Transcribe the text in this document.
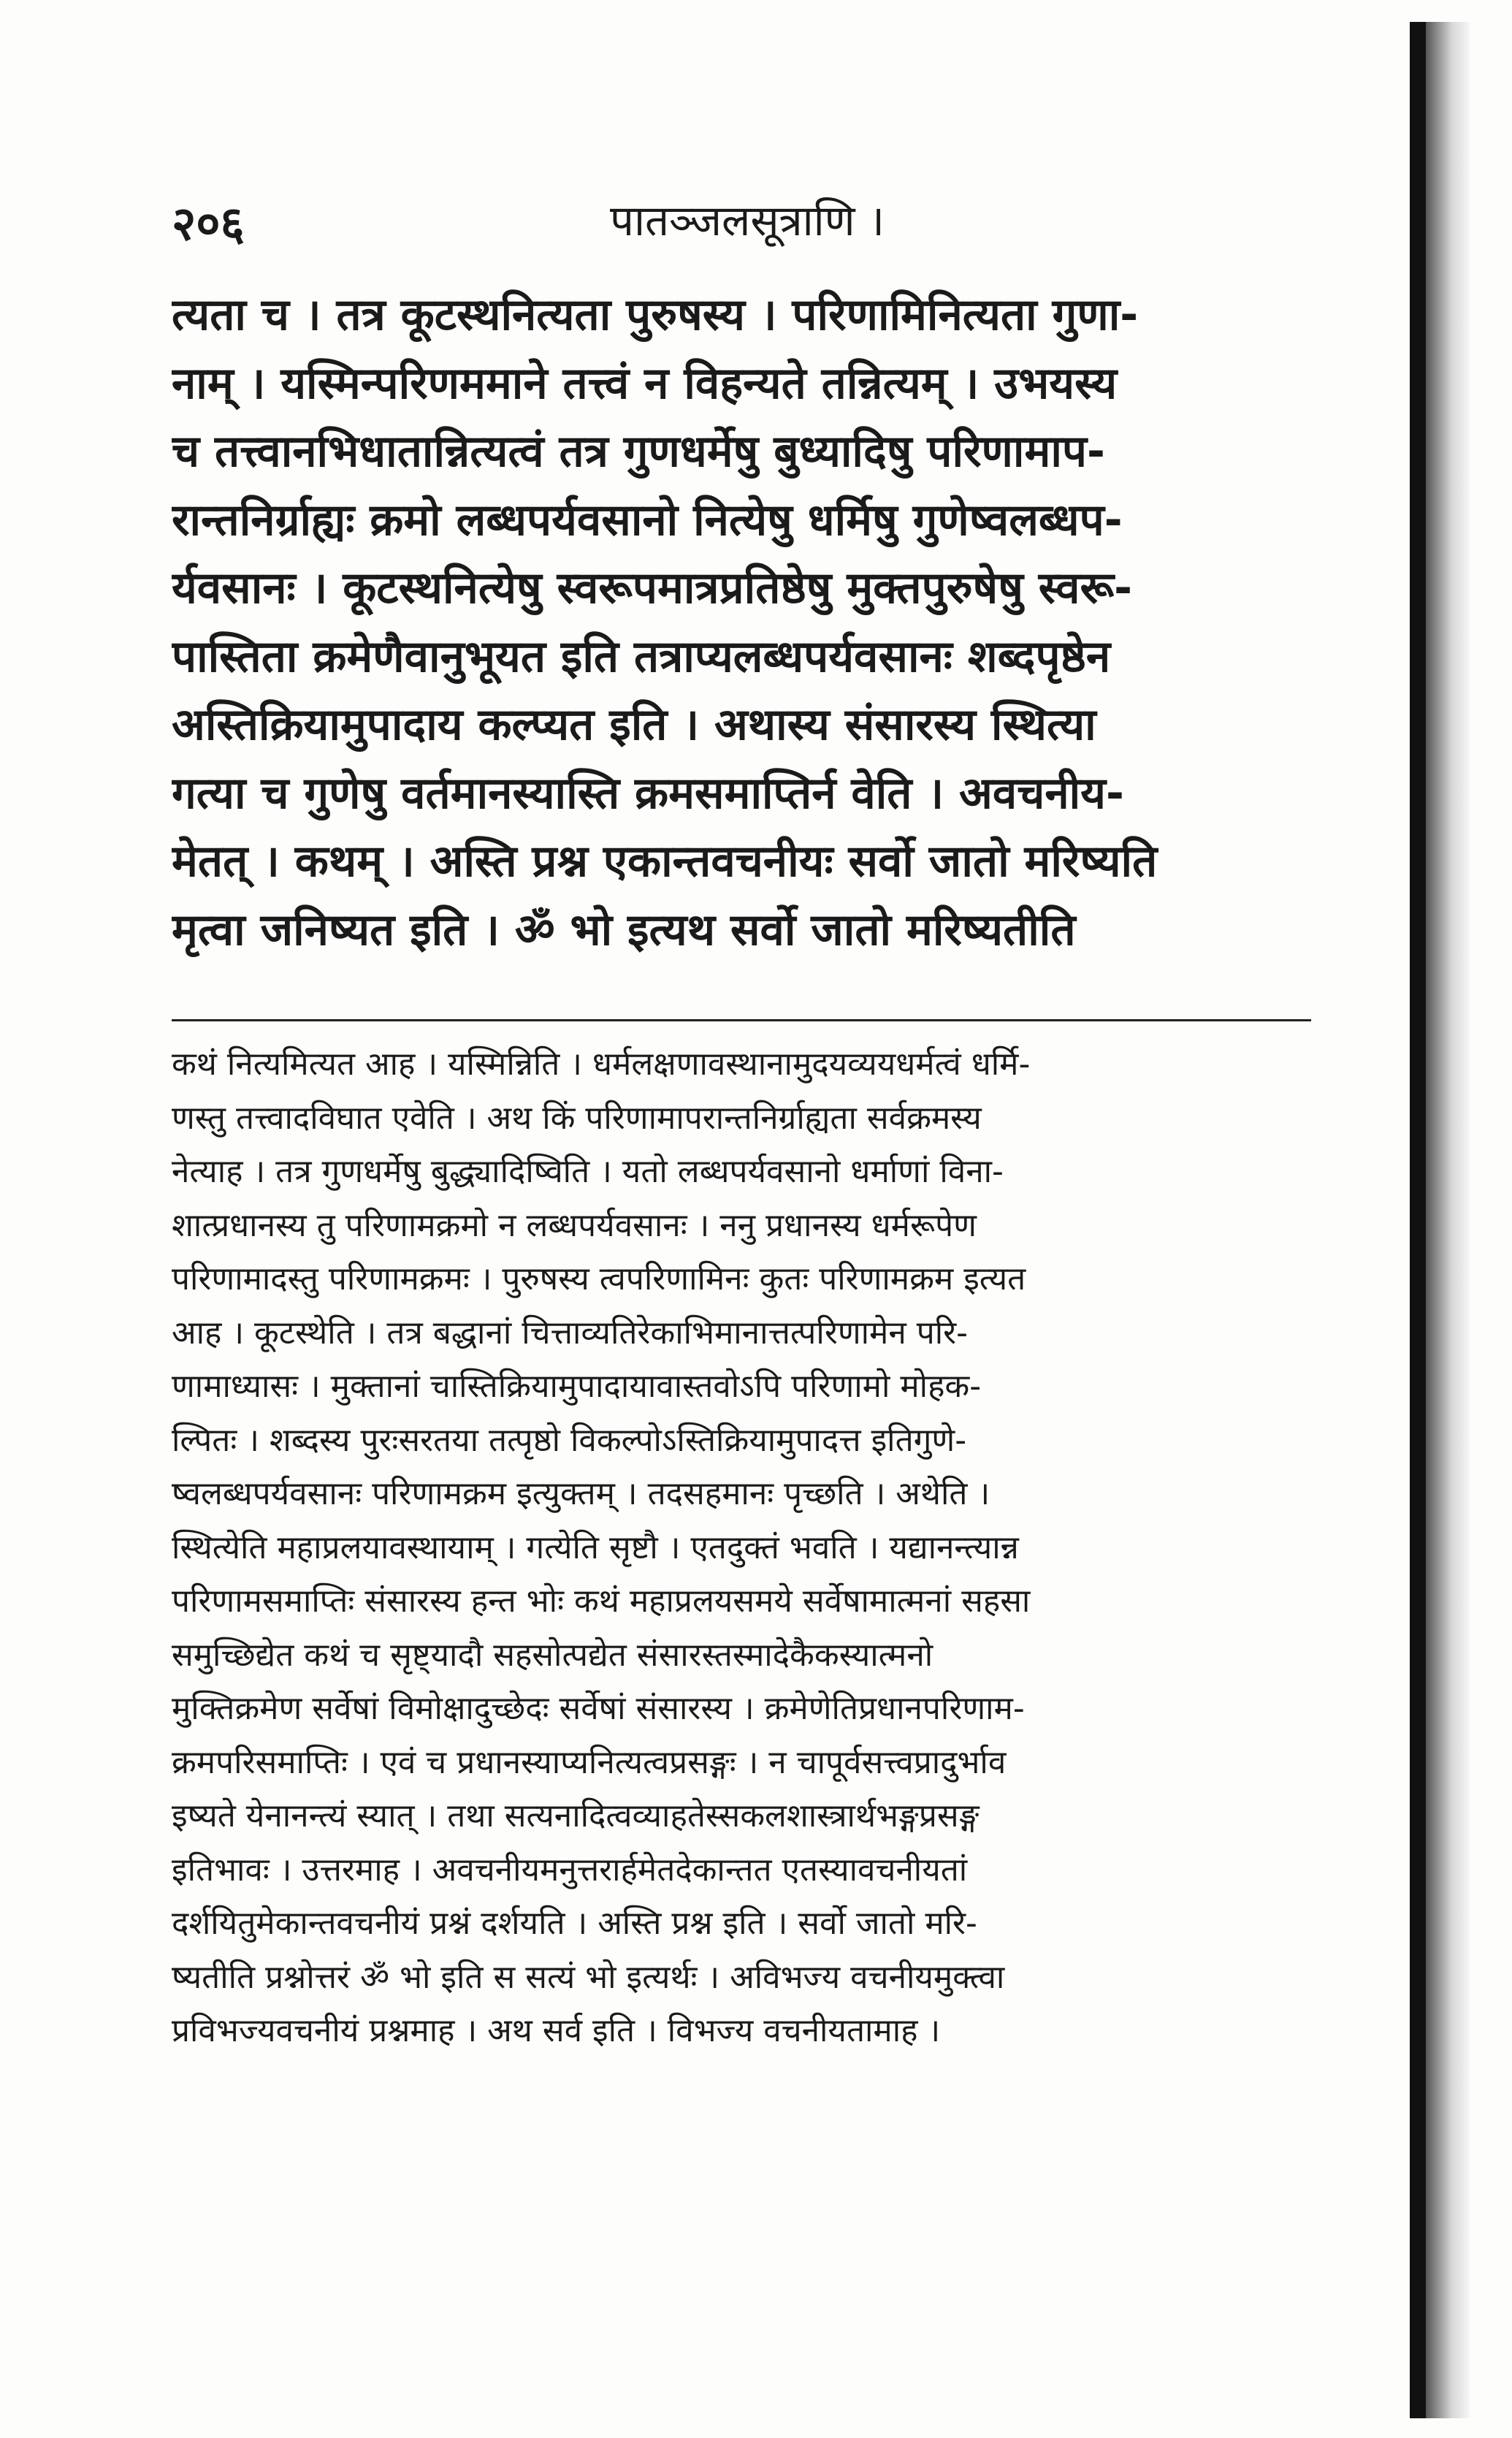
२०६	पातञ्जलसूत्राणि ।
त्यता च । तत्र कूटस्थनित्यता पुरुषस्य । परिणामिनित्यता गुणा-
नाम् । यस्मिन्परिणममाने तत्त्वं न विहन्यते तन्नित्यम् । उभयस्य
च तत्त्वानभिधातान्नित्यत्वं तत्र गुणधर्मेषु बुध्यादिषु परिणामाप-
रान्तनिर्ग्राह्यः क्रमो लब्धपर्यवसानो नित्येषु धर्मिषु गुणेष्वलब्धप-
र्यवसानः । कूटस्थनित्येषु स्वरूपमात्रप्रतिष्ठेषु मुक्तपुरुषेषु स्वरू-
पास्तिता क्रमेणैवानुभूयत इति तत्राप्यलब्धपर्यवसानः शब्दपृष्ठेन
अस्तिक्रियामुपादाय कल्प्यत इति । अथास्य संसारस्य स्थित्या
गत्या च गुणेषु वर्तमानस्यास्ति क्रमसमाप्तिर्न वेति । अवचनीय-
मेतत् । कथम् । अस्ति प्रश्न एकान्तवचनीयः सर्वो जातो मरिष्यति
मृत्वा जनिष्यत इति । ॐ भो इत्यथ सर्वो जातो मरिष्यतीति
कथं नित्यमित्यत आह । यस्मिन्निति । धर्मलक्षणावस्थानामुदयव्ययधर्मत्वं धर्मि-
णस्तु तत्त्वादविघात एवेति । अथ किं परिणामापरान्तनिर्ग्राह्यता सर्वक्रमस्य
नेत्याह । तत्र गुणधर्मेषु बुद्ध्यादिष्विति । यतो लब्धपर्यवसानो धर्माणां विना-
शात्प्रधानस्य तु परिणामक्रमो न लब्धपर्यवसानः । ननु प्रधानस्य धर्मरूपेण
परिणामादस्तु परिणामक्रमः । पुरुषस्य त्वपरिणामिनः कुतः परिणामक्रम इत्यत
आह । कूटस्थेति । तत्र बद्धानां चित्ताव्यतिरेकाभिमानात्तत्परिणामेन परि-
णामाध्यासः । मुक्तानां चास्तिक्रियामुपादायावास्तवोऽपि परिणामो मोहक-
ल्पितः । शब्दस्य पुरःसरतया तत्पृष्ठो विकल्पोऽस्तिक्रियामुपादत्त इतिगुणे-
ष्वलब्धपर्यवसानः परिणामक्रम इत्युक्तम् । तदसहमानः पृच्छति । अथेति ।
स्थित्येति महाप्रलयावस्थायाम् । गत्येति सृष्टौ । एतदुक्तं भवति । यद्यानन्त्यान्न
परिणामसमाप्तिः संसारस्य हन्त भोः कथं महाप्रलयसमये सर्वेषामात्मनां सहसा
समुच्छिद्येत कथं च सृष्ट्यादौ सहसोत्पद्येत संसारस्तस्मादेकैकस्यात्मनो
मुक्तिक्रमेण सर्वेषां विमोक्षादुच्छेदः सर्वेषां संसारस्य । क्रमेणेतिप्रधानपरिणाम-
क्रमपरिसमाप्तिः । एवं च प्रधानस्याप्यनित्यत्वप्रसङ्गः । न चापूर्वसत्त्वप्रादुर्भाव
इष्यते येनानन्त्यं स्यात् । तथा सत्यनादित्वव्याहतेस्सकलशास्त्रार्थभङ्गप्रसङ्ग
इतिभावः । उत्तरमाह । अवचनीयमनुत्तरार्हमेतदेकान्तत एतस्यावचनीयतां
दर्शयितुमेकान्तवचनीयं प्रश्नं दर्शयति । अस्ति प्रश्न इति । सर्वो जातो मरि-
ष्यतीति प्रश्नोत्तरं ॐ भो इति स सत्यं भो इत्यर्थः । अविभज्य वचनीयमुक्त्वा
प्रविभज्यवचनीयं प्रश्नमाह । अथ सर्व इति । विभज्य वचनीयतामाह ।
